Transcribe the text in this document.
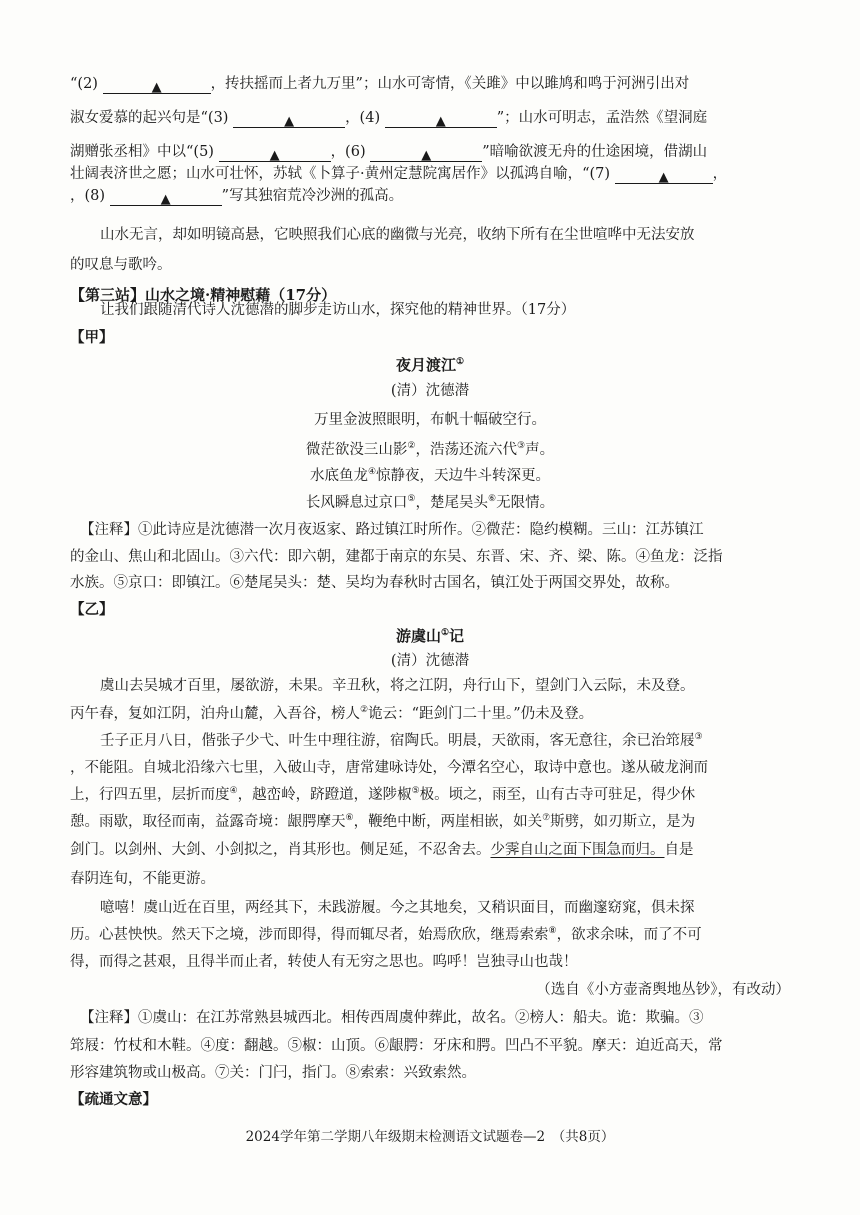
“(2)	▲	，抟扶摇而上者九万里”；山水可寄情，《关雎》中以雎鸠和鸣于河洲引出对
淑女爱慕的起兴句是“(3)	▲	，(4)	▲	”；山水可明志，孟浩然《望洞庭
湖赠张丞相》中以“(5)	▲	，(6)	▲	”暗喻欲渡无舟的仕途困境，借湖山
壮阔表济世之愿；山水可壮怀，苏轼《卜算子·黄州定慧院寓居作》以孤鸿自喻，“(7)	▲	，
，(8)	▲	”写其独宿荒冷沙洲的孤高。
山水无言，却如明镜高悬，它映照我们心底的幽微与光亮，收纳下所有在尘世喧哗中无法安放
的叹息与歌吟。
【第三站】山水之境·精神慰藉（17分）
让我们跟随清代诗人沈德潜的脚步走访山水，探究他的精神世界。（17分）
【甲】
夜月渡江①
(清）沈德潜
万里金波照眼明，布帆十幅破空行。
微茫欲没三山影②，浩荡还流六代③声。
水底鱼龙④惊静夜，天边牛斗转深更。
长风瞬息过京口⑤，楚尾吴头⑥无限情。
【注释】①此诗应是沈德潜一次月夜返家、路过镇江时所作。②微茫：隐约模糊。三山：江苏镇江
的金山、焦山和北固山。③六代：即六朝，建都于南京的东吴、东晋、宋、齐、梁、陈。④鱼龙：泛指
水族。⑤京口：即镇江。⑥楚尾吴头：楚、吴均为春秋时古国名，镇江处于两国交界处，故称。
【乙】
游虞山①记
(清）沈德潜
虞山去吴城才百里，屡欲游，未果。辛丑秋，将之江阴，舟行山下，望剑门入云际，未及登。
丙午春，复如江阴，泊舟山麓，入吾谷，榜人②诡云：“距剑门二十里。”仍未及登。
壬子正月八日，偕张子少弋、叶生中理往游，宿陶氏。明晨，天欲雨，客无意往，余已治筇屐③
，不能阻。自城北沿缘六七里，入破山寺，唐常建咏诗处，今潭名空心，取诗中意也。遂从破龙涧而
上，行四五里，层折而度④，越峦岭，跻蹬道，遂陟椒⑤极。顷之，雨至，山有古寺可驻足，得少休
憩。雨歇，取径而南，益露奇境：龈腭摩天⑥，鞭绝中断，两崖相嵌，如关⑦斯劈，如刃斯立，是为
剑门。以剑州、大剑、小剑拟之，肖其形也。侧足延，不忍舍去。少霁自山之面下围急而归。自是
春阴连旬，不能更游。
噫嘻！虞山近在百里，两经其下，未践游履。今之其地矣，又稍识面目，而幽邃窈窕，俱未探
历。心甚怏怏。然天下之境，涉而即得，得而辄尽者，始焉欣欣，继焉索索⑧，欲求余味，而了不可
得，而得之甚艰，且得半而止者，转使人有无穷之思也。呜呼！岂独寻山也哉！
（选自《小方壶斋舆地丛钞》，有改动）
【注释】①虞山：在江苏常熟县城西北。相传西周虞仲葬此，故名。②榜人：船夫。诡：欺骗。③
筇屐：竹杖和木鞋。④度：翻越。⑤椒：山顶。⑥龈腭：牙床和腭。凹凸不平貌。摩天：迫近高天，常
形容建筑物或山极高。⑦关：门闩，指门。⑧索索：兴致索然。
【疏通文意】
2024学年第二学期八年级期末检测语文试题卷—2　（共8页）
